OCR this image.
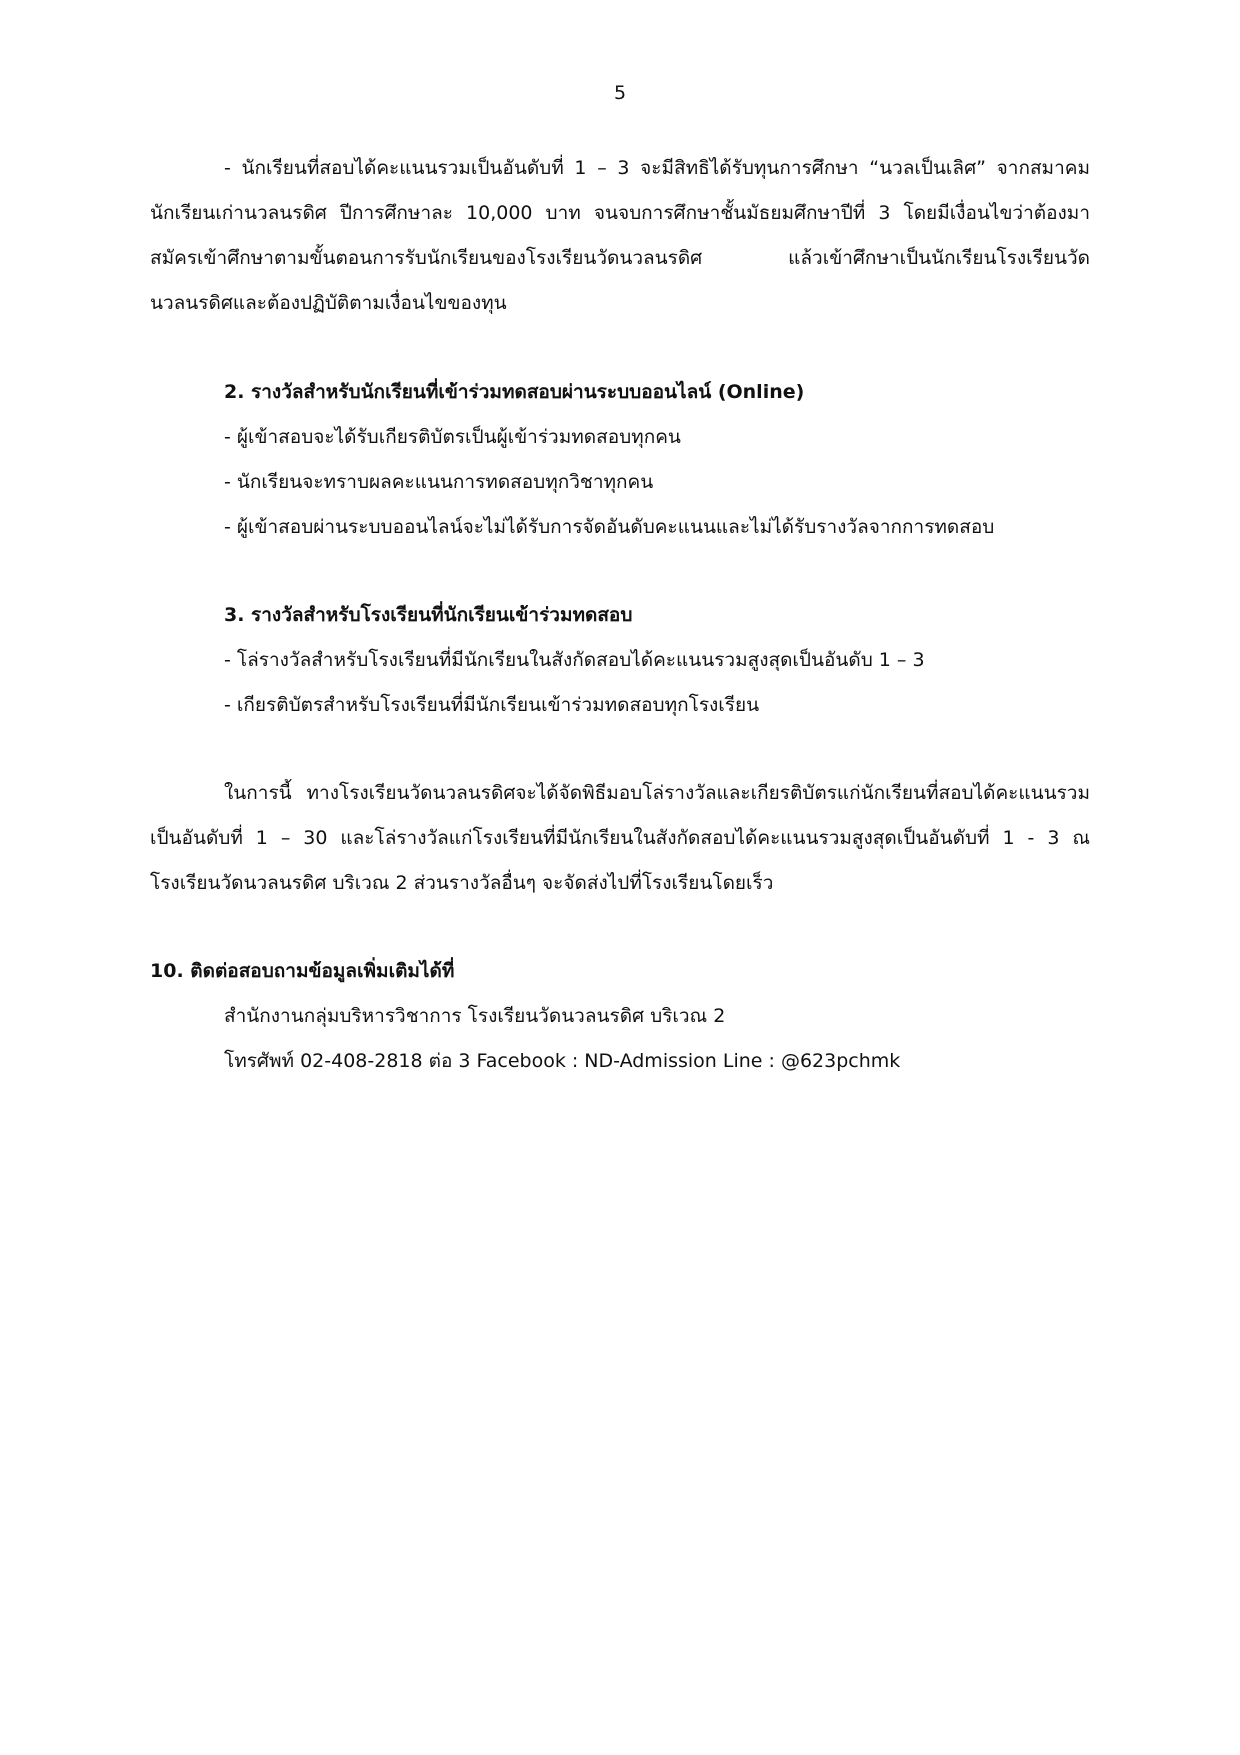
5

- นักเรียนที่สอบได้คะแนนรวมเป็นอันดับที่ 1 – 3 จะมีสิทธิได้รับทุนการศึกษา “นวลเป็นเลิศ” จากสมาคมนักเรียนเก่านวลนรดิศ ปีการศึกษาละ 10,000 บาท จนจบการศึกษาชั้นมัธยมศึกษาปีที่ 3 โดยมีเงื่อนไขว่าต้องมาสมัครเข้าศึกษาตามขั้นตอนการรับนักเรียนของโรงเรียนวัดนวลนรดิศ แล้วเข้าศึกษาเป็นนักเรียนโรงเรียนวัดนวลนรดิศและต้องปฏิบัติตามเงื่อนไขของทุน

2. รางวัลสำหรับนักเรียนที่เข้าร่วมทดสอบผ่านระบบออนไลน์ (Online)

- ผู้เข้าสอบจะได้รับเกียรติบัตรเป็นผู้เข้าร่วมทดสอบทุกคน

- นักเรียนจะทราบผลคะแนนการทดสอบทุกวิชาทุกคน

- ผู้เข้าสอบผ่านระบบออนไลน์จะไม่ได้รับการจัดอันดับคะแนนและไม่ได้รับรางวัลจากการทดสอบ

3. รางวัลสำหรับโรงเรียนที่นักเรียนเข้าร่วมทดสอบ

- โล่รางวัลสำหรับโรงเรียนที่มีนักเรียนในสังกัดสอบได้คะแนนรวมสูงสุดเป็นอันดับ 1 – 3

- เกียรติบัตรสำหรับโรงเรียนที่มีนักเรียนเข้าร่วมทดสอบทุกโรงเรียน

ในการนี้ ทางโรงเรียนวัดนวลนรดิศจะได้จัดพิธีมอบโล่รางวัลและเกียรติบัตรแก่นักเรียนที่สอบได้คะแนนรวมเป็นอันดับที่ 1 – 30 และโล่รางวัลแก่โรงเรียนที่มีนักเรียนในสังกัดสอบได้คะแนนรวมสูงสุดเป็นอันดับที่ 1 - 3 ณ โรงเรียนวัดนวลนรดิศ บริเวณ 2 ส่วนรางวัลอื่นๆ จะจัดส่งไปที่โรงเรียนโดยเร็ว

10. ติดต่อสอบถามข้อมูลเพิ่มเติมได้ที่

สำนักงานกลุ่มบริหารวิชาการ โรงเรียนวัดนวลนรดิศ บริเวณ 2

โทรศัพท์ 02-408-2818 ต่อ 3 Facebook : ND-Admission Line : @623pchmk
